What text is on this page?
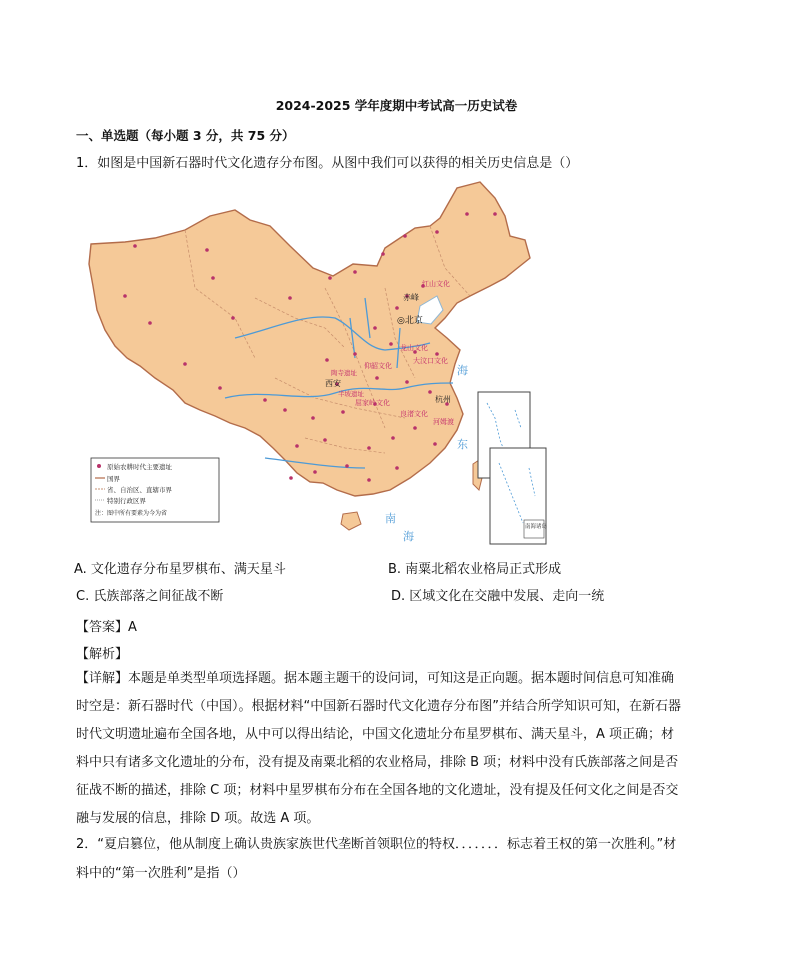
2024-2025 学年度期中考试高一历史试卷
一、单选题（每小题 3 分，共 75 分）
1．如图是中国新石器时代文化遗存分布图。从图中我们可以获得的相关历史信息是（）
红山文化
赤峰
◎北京
龙山文化
大汶口文化
仰韶文化
陶寺遗址
西安
半坡遗址
屈家岭文化	杭州
良渚文化
河姆渡
海
东
南
海
南海诸岛
原始农耕时代主要遗址
国界
省、自治区、直辖市界
特别行政区界
注：图中所有要素为今为省
A. 文化遗存分布星罗棋布、满天星斗	B. 南粟北稻农业格局正式形成
C. 氏族部落之间征战不断	D. 区域文化在交融中发展、走向一统
【答案】A
【解析】
【详解】本题是单类型单项选择题。据本题主题干的设问词，可知这是正向题。据本题时间信息可知准确时空是：新石器时代（中国）。根据材料“中国新石器时代文化遗存分布图”并结合所学知识可知，在新石器时代文明遗址遍布全国各地，从中可以得出结论，中国文化遗址分布星罗棋布、满天星斗，A 项正确；材料中只有诸多文化遗址的分布，没有提及南粟北稻的农业格局，排除 B 项；材料中没有氏族部落之间是否征战不断的描述，排除 C 项；材料中星罗棋布分布在全国各地的文化遗址，没有提及任何文化之间是否交融与发展的信息，排除 D 项。故选 A 项。
2．“夏启篡位，他从制度上确认贵族家族世代垄断首领职位的特权．．．．．．．标志着王权的第一次胜利。”材料中的“第一次胜利”是指（）
